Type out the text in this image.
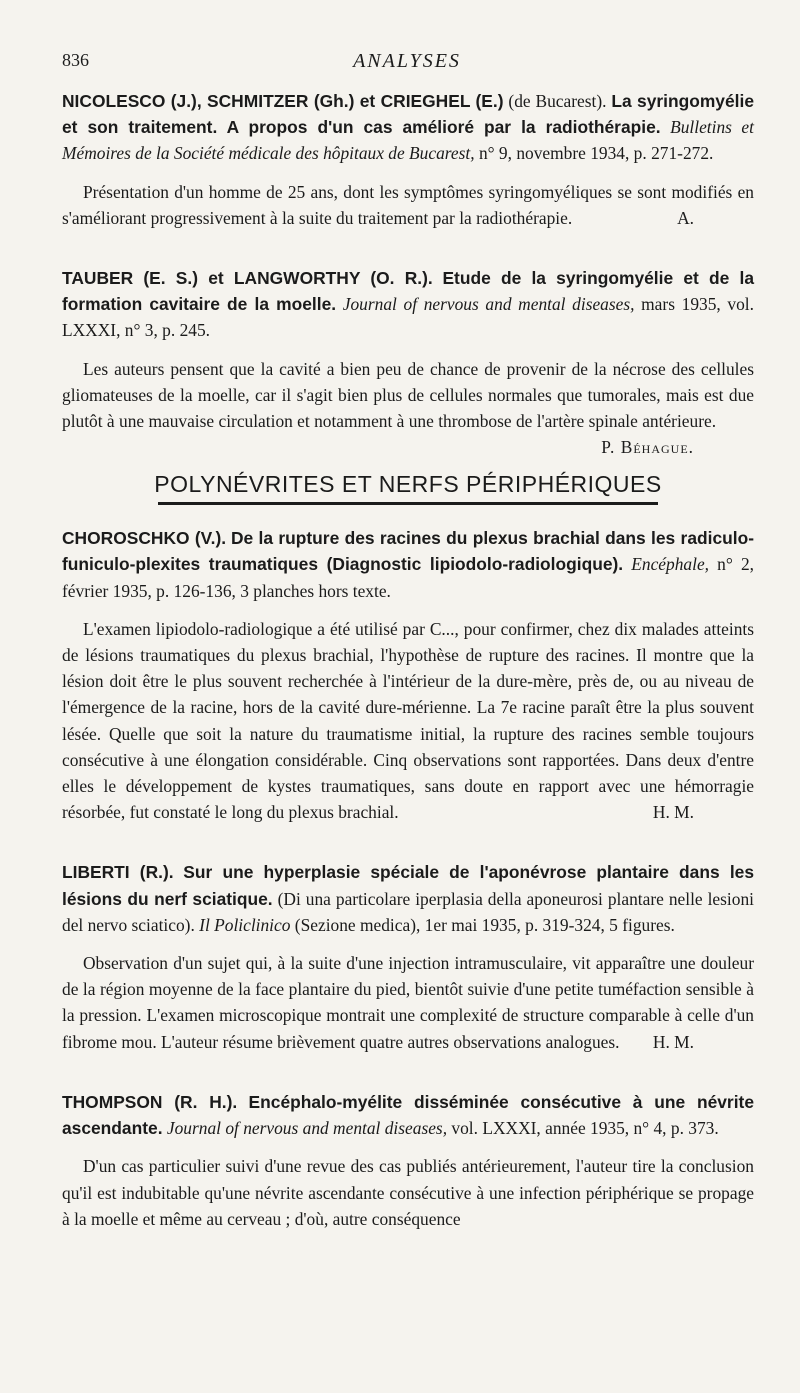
836	ANALYSES

NICOLESCO (J.), SCHMITZER (Gh.) et CRIEGHEL (E.) (de Bucarest). La syringomyélie et son traitement. A propos d'un cas amélioré par la radiothérapie. Bulletins et Mémoires de la Société médicale des hôpitaux de Bucarest, n° 9, novembre 1934, p. 271-272.

Présentation d'un homme de 25 ans, dont les symptômes syringomyéliques se sont modifiés en s'améliorant progressivement à la suite du traitement par la radiothérapie.	A.

TAUBER (E. S.) et LANGWORTHY (O. R.). Etude de la syringomyélie et de la formation cavitaire de la moelle. Journal of nervous and mental diseases, mars 1935, vol. LXXXI, n° 3, p. 245.

Les auteurs pensent que la cavité a bien peu de chance de provenir de la nécrose des cellules gliomateuses de la moelle, car il s'agit bien plus de cellules normales que tumorales, mais est due plutôt à une mauvaise circulation et notamment à une thrombose de l'artère spinale antérieure.
P. Béhague.

POLYNÉVRITES ET NERFS PÉRIPHÉRIQUES

CHOROSCHKO (V.). De la rupture des racines du plexus brachial dans les radiculo-funiculo-plexites traumatiques (Diagnostic lipiodolo-radiologique). Encéphale, n° 2, février 1935, p. 126-136, 3 planches hors texte.

L'examen lipiodolo-radiologique a été utilisé par C..., pour confirmer, chez dix malades atteints de lésions traumatiques du plexus brachial, l'hypothèse de rupture des racines. Il montre que la lésion doit être le plus souvent recherchée à l'intérieur de la dure-mère, près de, ou au niveau de l'émergence de la racine, hors de la cavité dure-mérienne. La 7e racine paraît être la plus souvent lésée. Quelle que soit la nature du traumatisme initial, la rupture des racines semble toujours consécutive à une élongation considérable. Cinq observations sont rapportées. Dans deux d'entre elles le développement de kystes traumatiques, sans doute en rapport avec une hémorragie résorbée, fut constaté le long du plexus brachial.	H. M.

LIBERTI (R.). Sur une hyperplasie spéciale de l'aponévrose plantaire dans les lésions du nerf sciatique. (Di una particolare iperplasia della aponeurosi plantare nelle lesioni del nervo sciatico). Il Policlinico (Sezione medica), 1er mai 1935, p. 319-324, 5 figures.

Observation d'un sujet qui, à la suite d'une injection intramusculaire, vit apparaître une douleur de la région moyenne de la face plantaire du pied, bientôt suivie d'une petite tuméfaction sensible à la pression. L'examen microscopique montrait une complexité de structure comparable à celle d'un fibrome mou. L'auteur résume brièvement quatre autres observations analogues.	H. M.

THOMPSON (R. H.). Encéphalo-myélite disséminée consécutive à une névrite ascendante. Journal of nervous and mental diseases, vol. LXXXI, année 1935, n° 4, p. 373.

D'un cas particulier suivi d'une revue des cas publiés antérieurement, l'auteur tire la conclusion qu'il est indubitable qu'une névrite ascendante consécutive à une infection périphérique se propage à la moelle et même au cerveau ; d'où, autre conséquence
